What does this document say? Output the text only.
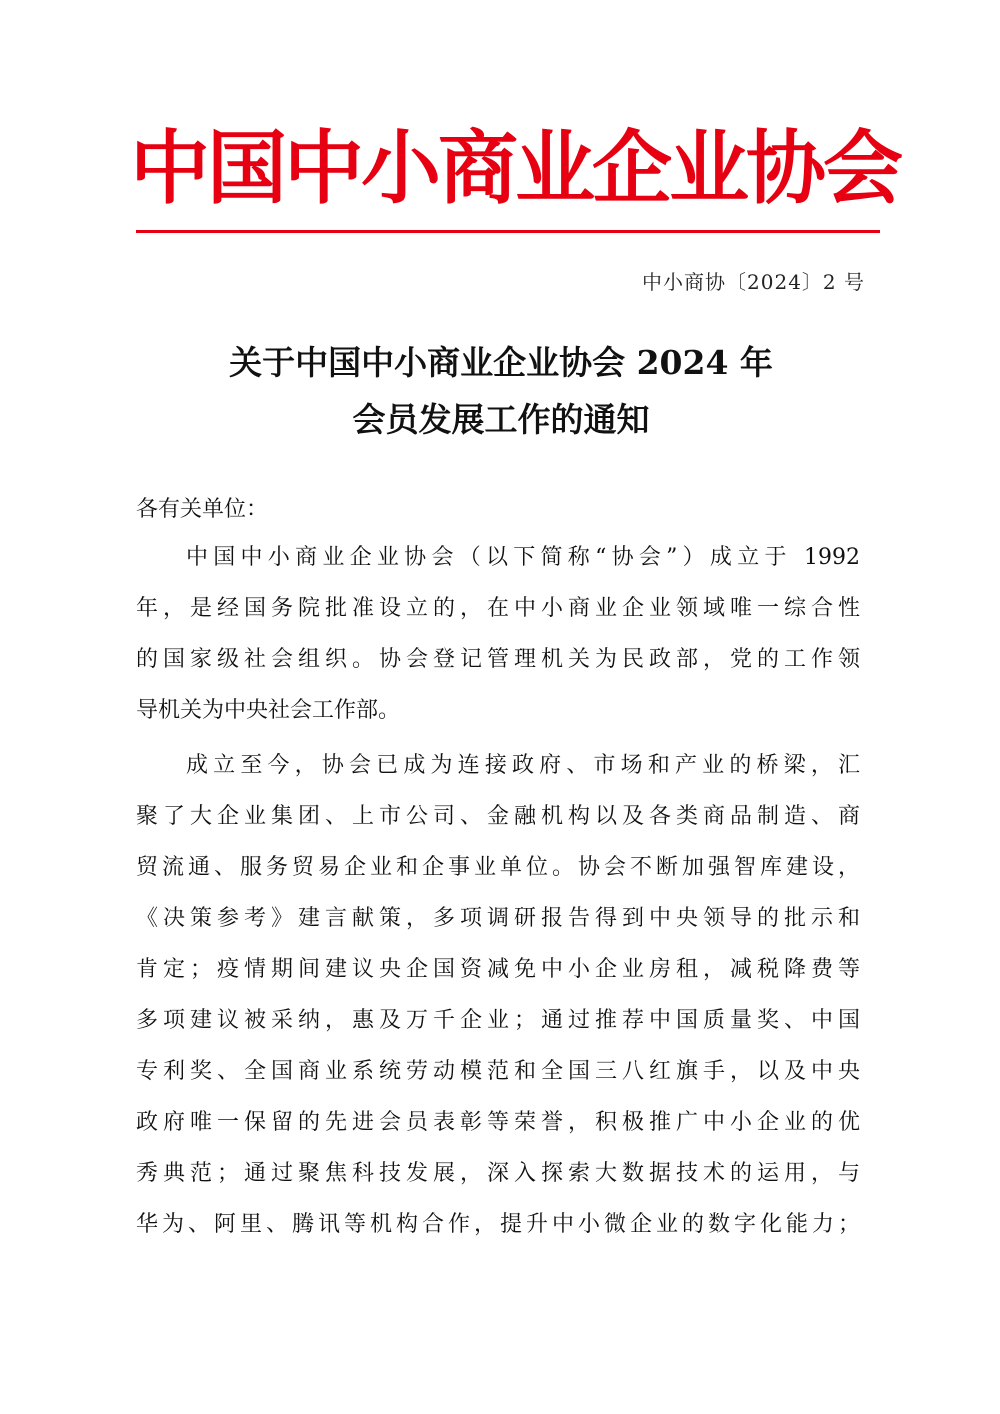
中国中小商业企业协会
中小商协〔2024〕2 号
关于中国中小商业企业协会 2024 年
会员发展工作的通知
各有关单位：
中国中小商业企业协会（以下简称“协会”）成立于 1992
年，是经国务院批准设立的，在中小商业企业领域唯一综合性
的国家级社会组织。协会登记管理机关为民政部，党的工作领
导机关为中央社会工作部。
成立至今，协会已成为连接政府、市场和产业的桥梁，汇
聚了大企业集团、上市公司、金融机构以及各类商品制造、商
贸流通、服务贸易企业和企事业单位。协会不断加强智库建设，
《决策参考》建言献策，多项调研报告得到中央领导的批示和
肯定；疫情期间建议央企国资减免中小企业房租，减税降费等
多项建议被采纳，惠及万千企业；通过推荐中国质量奖、中国
专利奖、全国商业系统劳动模范和全国三八红旗手，以及中央
政府唯一保留的先进会员表彰等荣誉，积极推广中小企业的优
秀典范；通过聚焦科技发展，深入探索大数据技术的运用，与
华为、阿里、腾讯等机构合作，提升中小微企业的数字化能力；
